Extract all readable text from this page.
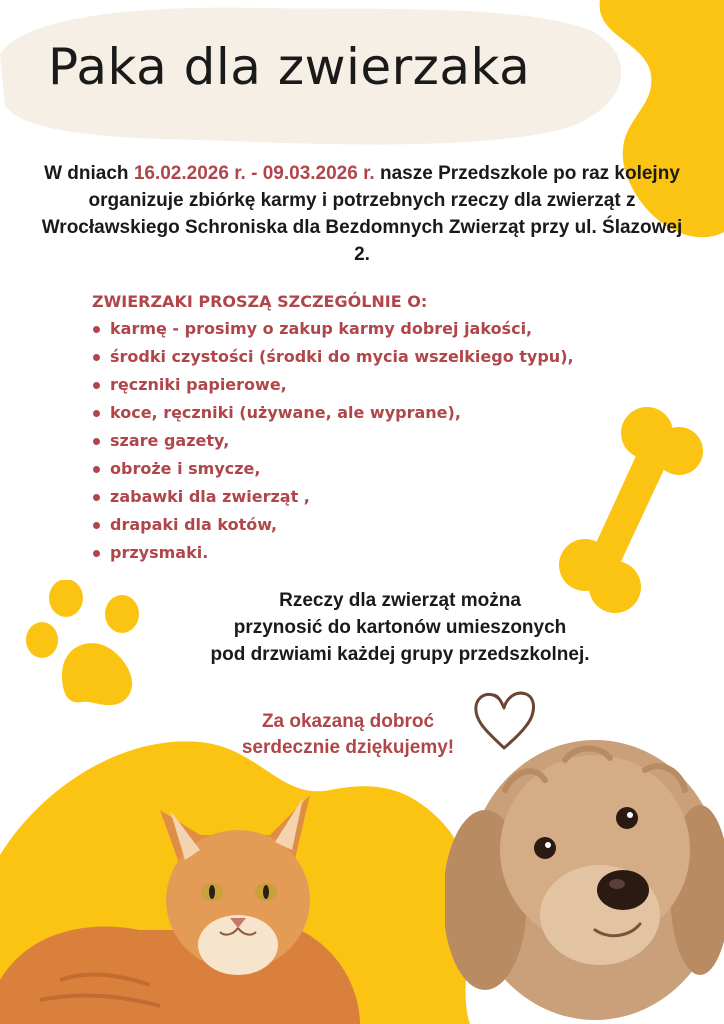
Paka dla zwierzaka

W dniach 16.02.2026 r. - 09.03.2026 r. nasze Przedszkole po raz kolejny organizuje zbiórkę karmy i potrzebnych rzeczy dla zwierząt z Wrocławskiego Schroniska dla Bezdomnych Zwierząt przy ul. Ślazowej 2.

ZWIERZAKI PROSZĄ SZCZEGÓLNIE O:

karmę - prosimy o zakup karmy dobrej jakości,
środki czystości (środki do mycia wszelkiego typu),
ręczniki papierowe,
koce, ręczniki (używane, ale wyprane),
szare gazety,
obroże i smycze,
zabawki dla zwierząt ,
drapaki dla kotów,
przysmaki.

Rzeczy dla zwierząt można
przynosić do kartonów umieszonych
pod drzwiami każdej grupy przedszkolnej.

Za okazaną dobroć
serdecznie dziękujemy!
